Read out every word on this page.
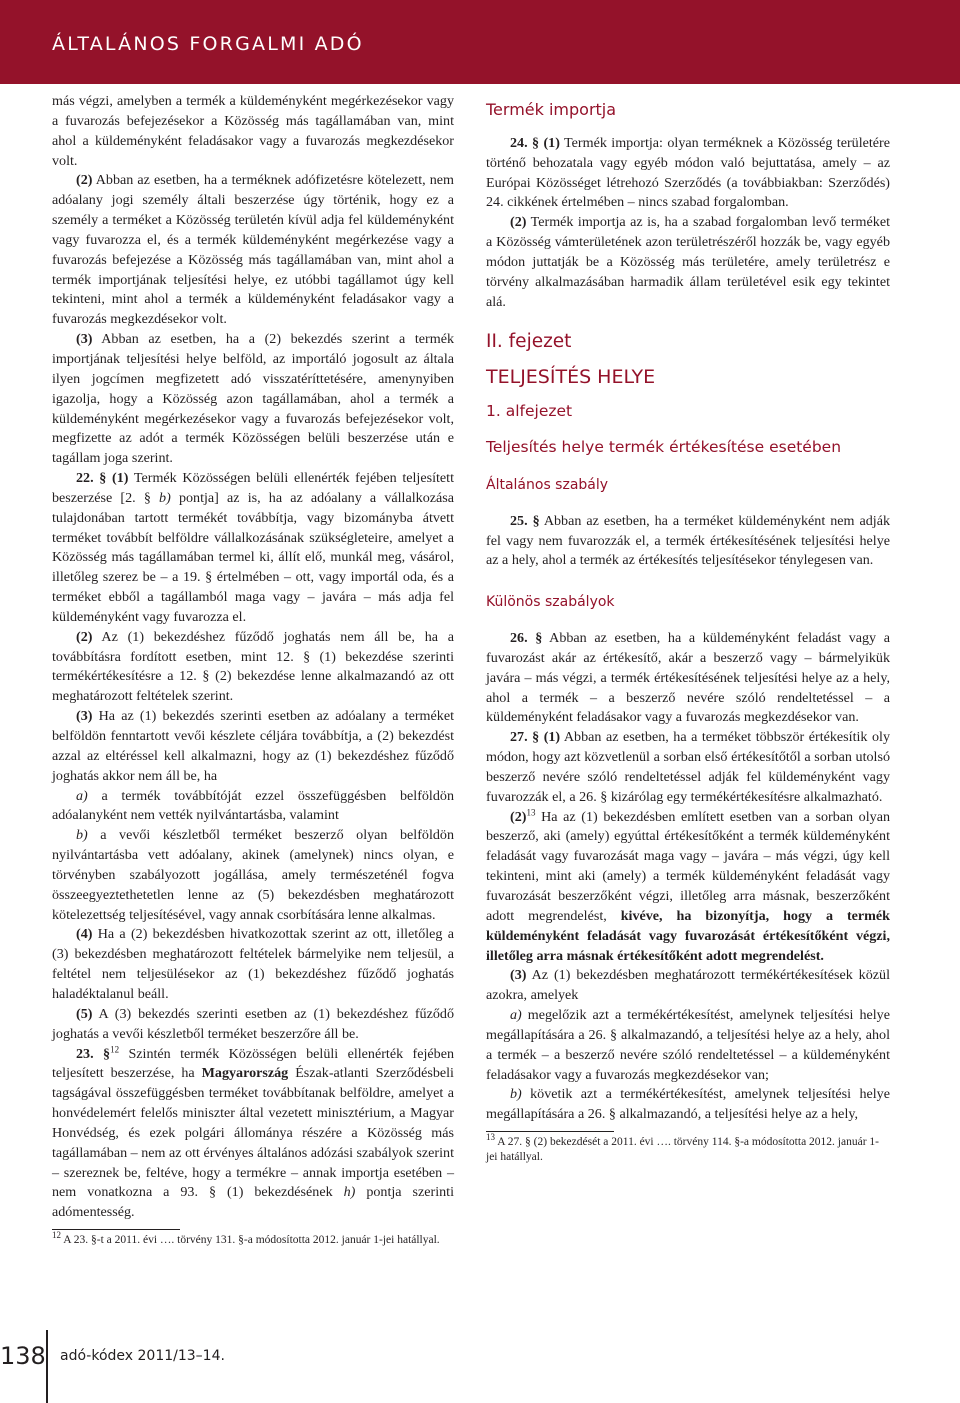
ÁLTALÁNOS FORGALMI ADÓ

más végzi, amelyben a termék a küldeményként megérkezésekor vagy a fuvarozás befejezésekor a Közösség más tagállamában van, mint ahol a küldeményként feladásakor vagy a fuvarozás megkezdésekor volt.

(2) Abban az esetben, ha a terméknek adófizetésre kötelezett, nem adóalany jogi személy általi beszerzése úgy történik, hogy ez a személy a terméket a Közösség területén kívül adja fel küldeményként vagy fuvarozza el, és a termék küldeményként megérkezése vagy a fuvarozás befejezése a Közösség más tagállamában van, mint ahol a termék importjának teljesítési helye, ez utóbbi tagállamot úgy kell tekinteni, mint ahol a termék a küldeményként feladásakor vagy a fuvarozás megkezdésekor volt.

(3) Abban az esetben, ha a (2) bekezdés szerint a termék importjának teljesítési helye belföld, az importáló jogosult az általa ilyen jogcímen megfizetett adó visszatéríttetésére, amenynyiben igazolja, hogy a Közösség azon tagállamában, ahol a termék a küldeményként megérkezésekor vagy a fuvarozás befejezésekor volt, megfizette az adót a termék Közösségen belüli beszerzése után e tagállam joga szerint.

22. § (1) Termék Közösségen belüli ellenérték fejében teljesített beszerzése [2. § b) pontja] az is, ha az adóalany a vállalkozása tulajdonában tartott termékét továbbítja, vagy bizományba átvett terméket továbbít belföldre vállalkozásának szükségleteire, amelyet a Közösség más tagállamában termel ki, állít elő, munkál meg, vásárol, illetőleg szerez be – a 19. § értelmében – ott, vagy importál oda, és a terméket ebből a tagállamból maga vagy – javára – más adja fel küldeményként vagy fuvarozza el.

(2) Az (1) bekezdéshez fűződő joghatás nem áll be, ha a továbbításra fordított esetben, mint 12. § (1) bekezdése szerinti termékértékesítésre a 12. § (2) bekezdése lenne alkalmazandó az ott meghatározott feltételek szerint.

(3) Ha az (1) bekezdés szerinti esetben az adóalany a terméket belföldön fenntartott vevői készlete céljára továbbítja, a (2) bekezdést azzal az eltéréssel kell alkalmazni, hogy az (1) bekezdéshez fűződő joghatás akkor nem áll be, ha

a) a termék továbbítóját ezzel összefüggésben belföldön adóalanyként nem vették nyilvántartásba, valamint

b) a vevői készletből terméket beszerző olyan belföldön nyilvántartásba vett adóalany, akinek (amelynek) nincs olyan, e törvényben szabályozott jogállása, amely természeténél fogva összeegyeztethetetlen lenne az (5) bekezdésben meghatározott kötelezettség teljesítésével, vagy annak csorbítására lenne alkalmas.

(4) Ha a (2) bekezdésben hivatkozottak szerint az ott, illetőleg a (3) bekezdésben meghatározott feltételek bármelyike nem teljesül, a feltétel nem teljesülésekor az (1) bekezdéshez fűződő joghatás haladéktalanul beáll.

(5) A (3) bekezdés szerinti esetben az (1) bekezdéshez fűződő joghatás a vevői készletből terméket beszerzőre áll be.

23. §$^{12}$ Szintén termék Közösségen belüli ellenérték fejében teljesített beszerzése, ha Magyarország Észak-atlanti Szerződésbeli tagságával összefüggésben terméket továbbítanak belföldre, amelyet a honvédelemért felelős miniszter által vezetett minisztérium, a Magyar Honvédség, és ezek polgári állománya részére a Közösség más tagállamában – nem az ott érvényes általános adózási szabályok szerint – szereznek be, feltéve, hogy a termékre – annak importja esetében – nem vonatkozna a 93. § (1) bekezdésének h) pontja szerinti adómentesség.

$^{12}$ A 23. §-t a 2011. évi …. törvény 131. §-a módosította 2012. január 1-jei hatállyal.

Termék importja

24. § (1) Termék importja: olyan terméknek a Közösség területére történő behozatala vagy egyéb módon való bejuttatása, amely – az Európai Közösséget létrehozó Szerződés (a továbbiakban: Szerződés) 24. cikkének értelmében – nincs szabad forgalomban.

(2) Termék importja az is, ha a szabad forgalomban levő terméket a Közösség vámterületének azon területrészéről hozzák be, vagy egyéb módon juttatják be a Közösség más területére, amely területrész e törvény alkalmazásában harmadik állam területével esik egy tekintet alá.

II. fejezet
TELJESÍTÉS HELYE
1. alfejezet
Teljesítés helye termék értékesítése esetében
Általános szabály

25. § Abban az esetben, ha a terméket küldeményként nem adják fel vagy nem fuvarozzák el, a termék értékesítésének teljesítési helye az a hely, ahol a termék az értékesítés teljesítésekor ténylegesen van.

Különös szabályok

26. § Abban az esetben, ha a küldeményként feladást vagy a fuvarozást akár az értékesítő, akár a beszerző vagy – bármelyikük javára – más végzi, a termék értékesítésének teljesítési helye az a hely, ahol a termék – a beszerző nevére szóló rendeltetéssel – a küldeményként feladásakor vagy a fuvarozás megkezdésekor van.

27. § (1) Abban az esetben, ha a terméket többször értékesítik oly módon, hogy azt közvetlenül a sorban első értékesítőtől a sorban utolsó beszerző nevére szóló rendeltetéssel adják fel küldeményként vagy fuvarozzák el, a 26. § kizárólag egy termékértékesítésre alkalmazható.

$(2)^{13}$ Ha az (1) bekezdésben említett esetben van a sorban olyan beszerző, aki (amely) egyúttal értékesítőként a termék küldeményként feladását vagy fuvarozását maga vagy – javára – más végzi, úgy kell tekinteni, mint aki (amely) a termék küldeményként feladását vagy fuvarozását beszerzőként végzi, illetőleg arra másnak, beszerzőként adott megrendelést, kivéve, ha bizonyítja, hogy a termék küldeményként feladását vagy fuvarozását értékesítőként végzi, illetőleg arra másnak értékesítőként adott megrendelést.

(3) Az (1) bekezdésben meghatározott termékértékesítések közül azokra, amelyek

a) megelőzik azt a termékértékesítést, amelynek teljesítési helye megállapítására a 26. § alkalmazandó, a teljesítési helye az a hely, ahol a termék – a beszerző nevére szóló rendeltetéssel – a küldeményként feladásakor vagy a fuvarozás megkezdésekor van;

b) követik azt a termékértékesítést, amelynek teljesítési helye megállapítására a 26. § alkalmazandó, a teljesítési helye az a hely,

$^{13}$ A 27. § (2) bekezdését a 2011. évi …. törvény 114. §-a módosította 2012. január 1-jei hatállyal.

138 adó-kódex 2011/13–14.
